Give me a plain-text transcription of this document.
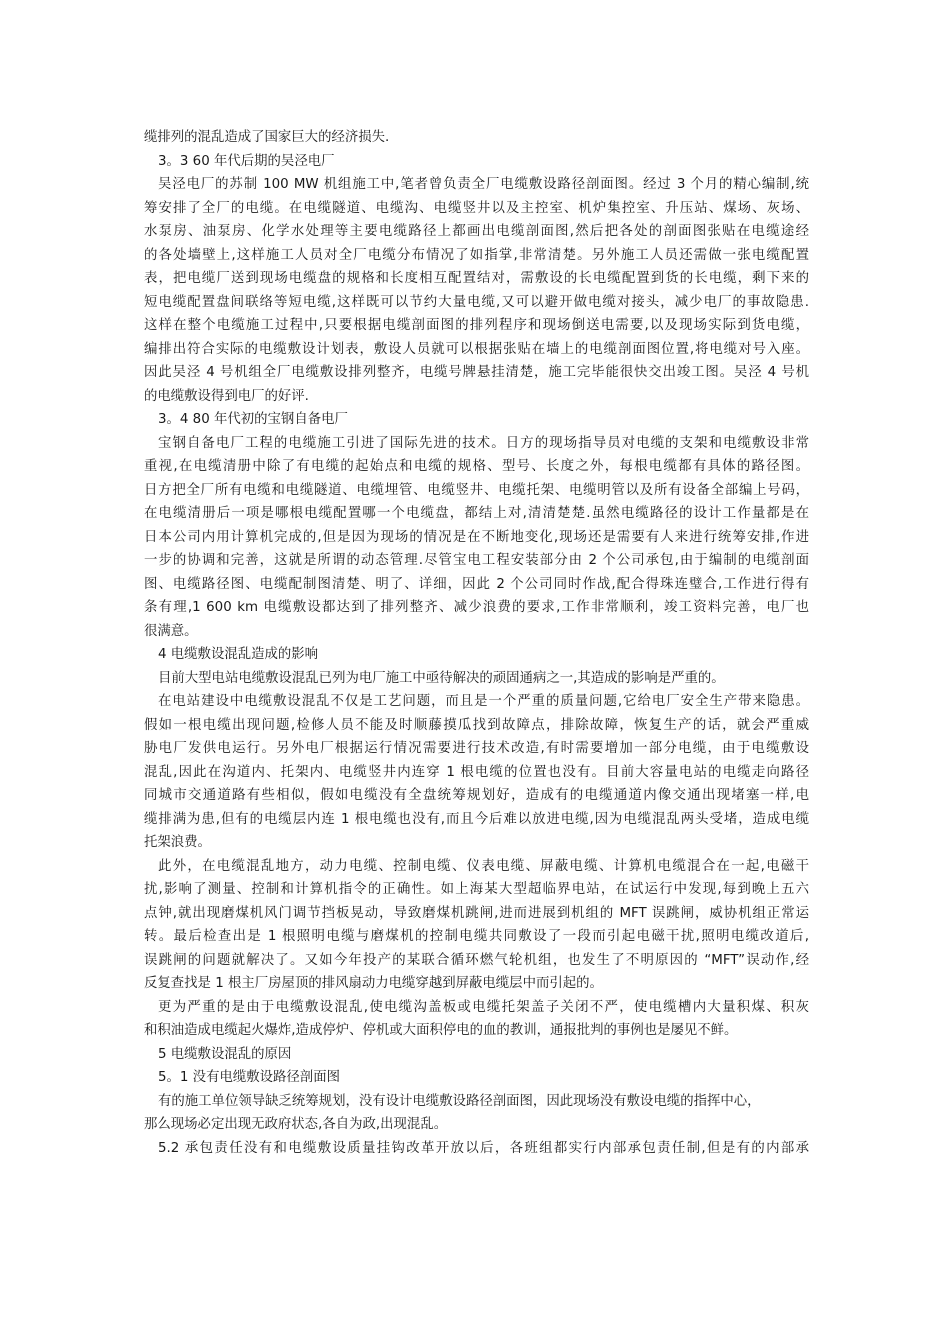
缆排列的混乱造成了国家巨大的经济损失.
3。3 60 年代后期的吴泾电厂
吴泾电厂的苏制 100 MW 机组施工中,笔者曾负责全厂电缆敷设路径剖面图。经过 3 个月的精心编制,统
筹安排了全厂的电缆。在电缆隧道、电缆沟、电缆竖井以及主控室、机炉集控室、升压站、煤场、灰场、
水泵房、油泵房、化学水处理等主要电缆路径上都画出电缆剖面图,然后把各处的剖面图张贴在电缆途经
的各处墙壁上,这样施工人员对全厂电缆分布情况了如指掌,非常清楚。另外施工人员还需做一张电缆配置
表，把电缆厂送到现场电缆盘的规格和长度相互配置结对，需敷设的长电缆配置到货的长电缆，剩下来的
短电缆配置盘间联络等短电缆,这样既可以节约大量电缆,又可以避开做电缆对接头，减少电厂的事故隐患.
这样在整个电缆施工过程中,只要根据电缆剖面图的排列程序和现场倒送电需要,以及现场实际到货电缆，
编排出符合实际的电缆敷设计划表，敷设人员就可以根据张贴在墙上的电缆剖面图位置,将电缆对号入座。
因此吴泾 4 号机组全厂电缆敷设排列整齐，电缆号牌悬挂清楚，施工完毕能很快交出竣工图。吴泾 4 号机
的电缆敷设得到电厂的好评.
3。4 80 年代初的宝钢自备电厂
宝钢自备电厂工程的电缆施工引进了国际先进的技术。日方的现场指导员对电缆的支架和电缆敷设非常
重视,在电缆清册中除了有电缆的起始点和电缆的规格、型号、长度之外，每根电缆都有具体的路径图。
日方把全厂所有电缆和电缆隧道、电缆埋管、电缆竖井、电缆托架、电缆明管以及所有设备全部编上号码，
在电缆清册后一项是哪根电缆配置哪一个电缆盘，都结上对,清清楚楚.虽然电缆路径的设计工作量都是在
日本公司内用计算机完成的,但是因为现场的情况是在不断地变化,现场还是需要有人来进行统筹安排,作进
一步的协调和完善，这就是所谓的动态管理.尽管宝电工程安装部分由 2 个公司承包,由于编制的电缆剖面
图、电缆路径图、电缆配制图清楚、明了、详细，因此 2 个公司同时作战,配合得珠连璧合,工作进行得有
条有理,1 600 km 电缆敷设都达到了排列整齐、减少浪费的要求,工作非常顺利，竣工资料完善，电厂也
很满意。
4 电缆敷设混乱造成的影响
目前大型电站电缆敷设混乱已列为电厂施工中亟待解决的顽固通病之一,其造成的影响是严重的。
在电站建设中电缆敷设混乱不仅是工艺问题，而且是一个严重的质量问题,它给电厂安全生产带来隐患。
假如一根电缆出现问题,检修人员不能及时顺藤摸瓜找到故障点，排除故障，恢复生产的话，就会严重威
胁电厂发供电运行。另外电厂根据运行情况需要进行技术改造,有时需要增加一部分电缆，由于电缆敷设
混乱,因此在沟道内、托架内、电缆竖井内连穿 1 根电缆的位置也没有。目前大容量电站的电缆走向路径
同城市交通道路有些相似，假如电缆没有全盘统筹规划好，造成有的电缆通道内像交通出现堵塞一样,电
缆排满为患,但有的电缆层内连 1 根电缆也没有,而且今后难以放进电缆,因为电缆混乱两头受堵，造成电缆
托架浪费。
此外，在电缆混乱地方，动力电缆、控制电缆、仪表电缆、屏蔽电缆、计算机电缆混合在一起,电磁干
扰,影响了测量、控制和计算机指令的正确性。如上海某大型超临界电站，在试运行中发现,每到晚上五六
点钟,就出现磨煤机风门调节挡板晃动，导致磨煤机跳闸,进而进展到机组的 MFT 误跳闸，威协机组正常运
转。最后检查出是 1 根照明电缆与磨煤机的控制电缆共同敷设了一段而引起电磁干扰,照明电缆改道后,
误跳闸的问题就解决了。又如今年投产的某联合循环燃气轮机组，也发生了不明原因的 “MFT”误动作,经
反复查找是 1 根主厂房屋顶的排风扇动力电缆穿越到屏蔽电缆层中而引起的。
更为严重的是由于电缆敷设混乱,使电缆沟盖板或电缆托架盖子关闭不严，使电缆槽内大量积煤、积灰
和积油造成电缆起火爆炸,造成停炉、停机或大面积停电的血的教训，通报批判的事例也是屡见不鲜。
5 电缆敷设混乱的原因
5。1 没有电缆敷设路径剖面图
有的施工单位领导缺乏统筹规划，没有设计电缆敷设路径剖面图，因此现场没有敷设电缆的指挥中心，
那么现场必定出现无政府状态,各自为政,出现混乱。
5.2 承包责任没有和电缆敷设质量挂钩改革开放以后，各班组都实行内部承包责任制,但是有的内部承
